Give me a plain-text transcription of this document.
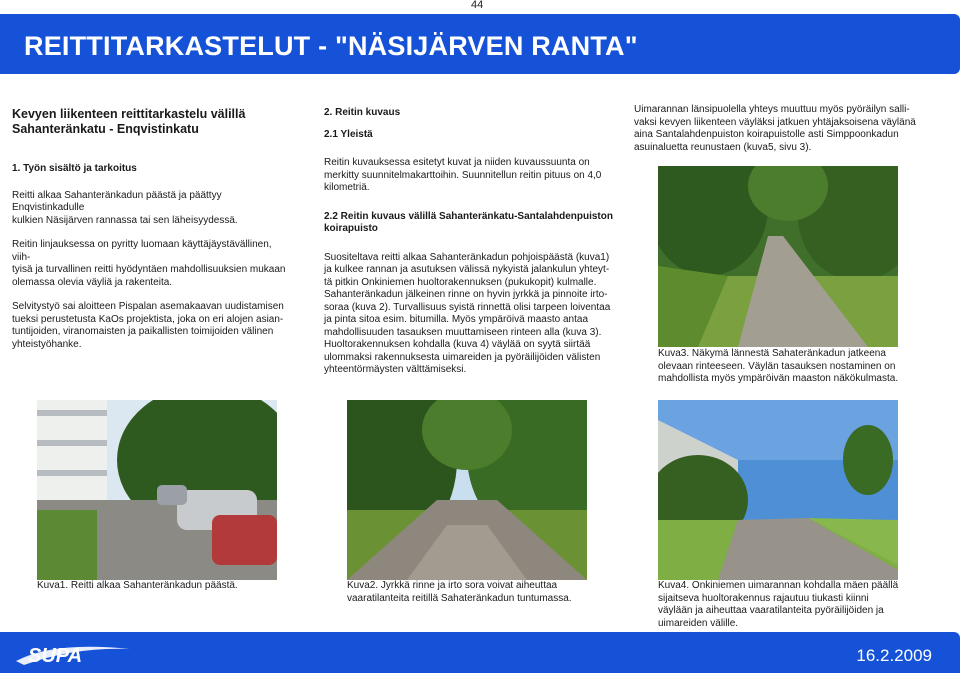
44
REITTITARKASTELUT - "NÄSIJÄRVEN RANTA"
Kevyen liikenteen reittitarkastelu välillä
Sahanteränkatu - Enqvistinkatu
1. Työn sisältö ja tarkoitus

Reitti alkaa Sahanteränkadun päästä ja päättyy Enqvistinkadulle
kulkien Näsijärven rannassa tai sen läheisyydessä.

Reitin linjauksessa on pyritty luomaan käyttäjäystävällinen, viih-
tyisä ja turvallinen reitti hyödyntäen mahdollisuuksien mukaan
olemassa olevia väyliä ja rakenteita.

Selvitystyö sai aloitteen Pispalan asemakaavan uudistamisen
tueksi perustetusta KaOs projektista, joka on eri alojen asian-
tuntijoiden, viranomaisten ja paikallisten toimijoiden välinen
yhteistyöhanke.

2. Reitin kuvaus
2.1 Yleistä

Reitin kuvauksessa esitetyt kuvat ja niiden kuvaussuunta on
merkitty suunnitelmakarttoihin. Suunnitellun reitin pituus on 4,0
kilometriä.

2.2 Reitin kuvaus välillä Sahanteränkatu-Santalahdenpuiston
koirapuisto

Suositeltava reitti alkaa Sahanteränkadun pohjoispäästä (kuva1)
ja kulkee rannan ja asutuksen välissä nykyistä jalankulun yhteyt-
tä pitkin Onkiniemen huoltorakennuksen (pukukopit) kulmalle.
Sahanteränkadun jälkeinen rinne on hyvin jyrkkä ja pinnoite irto-
soraa (kuva 2). Turvallisuus syistä rinnettä olisi tarpeen loiventaa
ja pinta sitoa esim. bitumilla. Myös ympäröivä maasto antaa
mahdollisuuden tasauksen muuttamiseen rinteen alla (kuva 3).
Huoltorakennuksen kohdalla (kuva 4) väylää on syytä siirtää
ulommaksi rakennuksesta uimareiden ja pyöräilijöiden välisten
yhteentörmäysten välttämiseksi.

Uimarannan länsipuolella yhteys muuttuu myös pyöräilyn salli-
vaksi kevyen liikenteen väyläksi jatkuen yhtäjaksoisena väylänä
aina Santalahdenpuiston koirapuistolle asti Simppoonkadun
asuinaluetta reunustaen (kuva5, sivu 3).

Kuva3. Näkymä lännestä Sahateränkadun jatkeena
olevaan rinteeseen. Väylän tasauksen nostaminen on
mahdollista myös ympäröivän maaston näkökulmasta.
Kuva1. Reitti alkaa Sahanteränkadun päästä.	Kuva2. Jyrkkä rinne ja irto sora voivat aiheuttaa
vaaratilanteita reitillä Sahateränkadun tuntumassa.
Kuva4. Onkiniemen uimarannan kohdalla mäen päällä
sijaitseva huoltorakennus rajautuu tiukasti kiinni
väylään ja aiheuttaa vaaratilanteita pyöräilijöiden ja
uimareiden välille.
SUPA	16.2.2009
